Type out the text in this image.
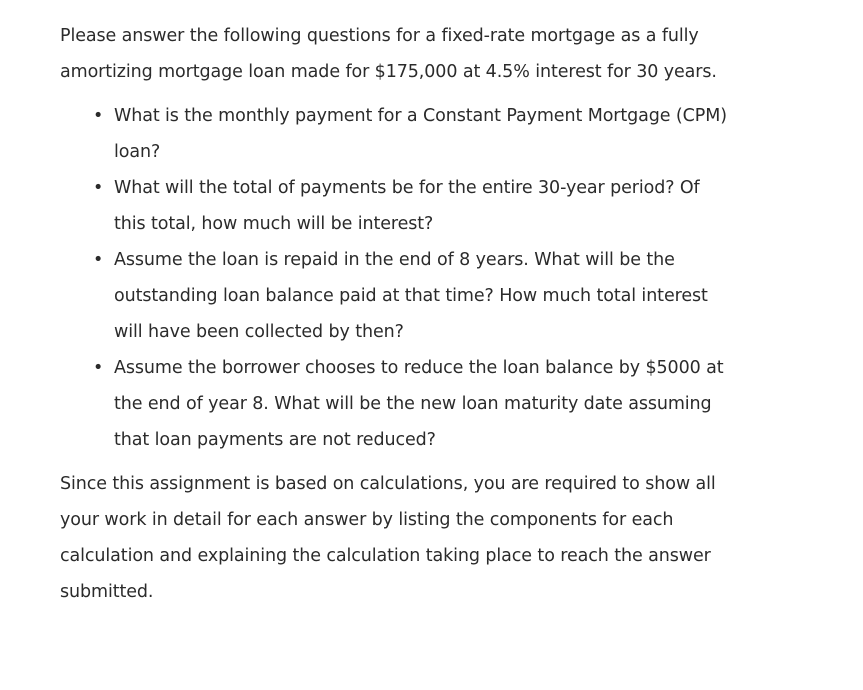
Please answer the following questions for a fixed-rate mortgage as a fully amortizing mortgage loan made for $175,000 at 4.5% interest for 30 years.

• What is the monthly payment for a Constant Payment Mortgage (CPM) loan?
• What will the total of payments be for the entire 30-year period? Of this total, how much will be interest?
• Assume the loan is repaid in the end of 8 years. What will be the outstanding loan balance paid at that time? How much total interest will have been collected by then?
• Assume the borrower chooses to reduce the loan balance by $5000 at the end of year 8. What will be the new loan maturity date assuming that loan payments are not reduced?

Since this assignment is based on calculations, you are required to show all your work in detail for each answer by listing the components for each calculation and explaining the calculation taking place to reach the answer submitted.
